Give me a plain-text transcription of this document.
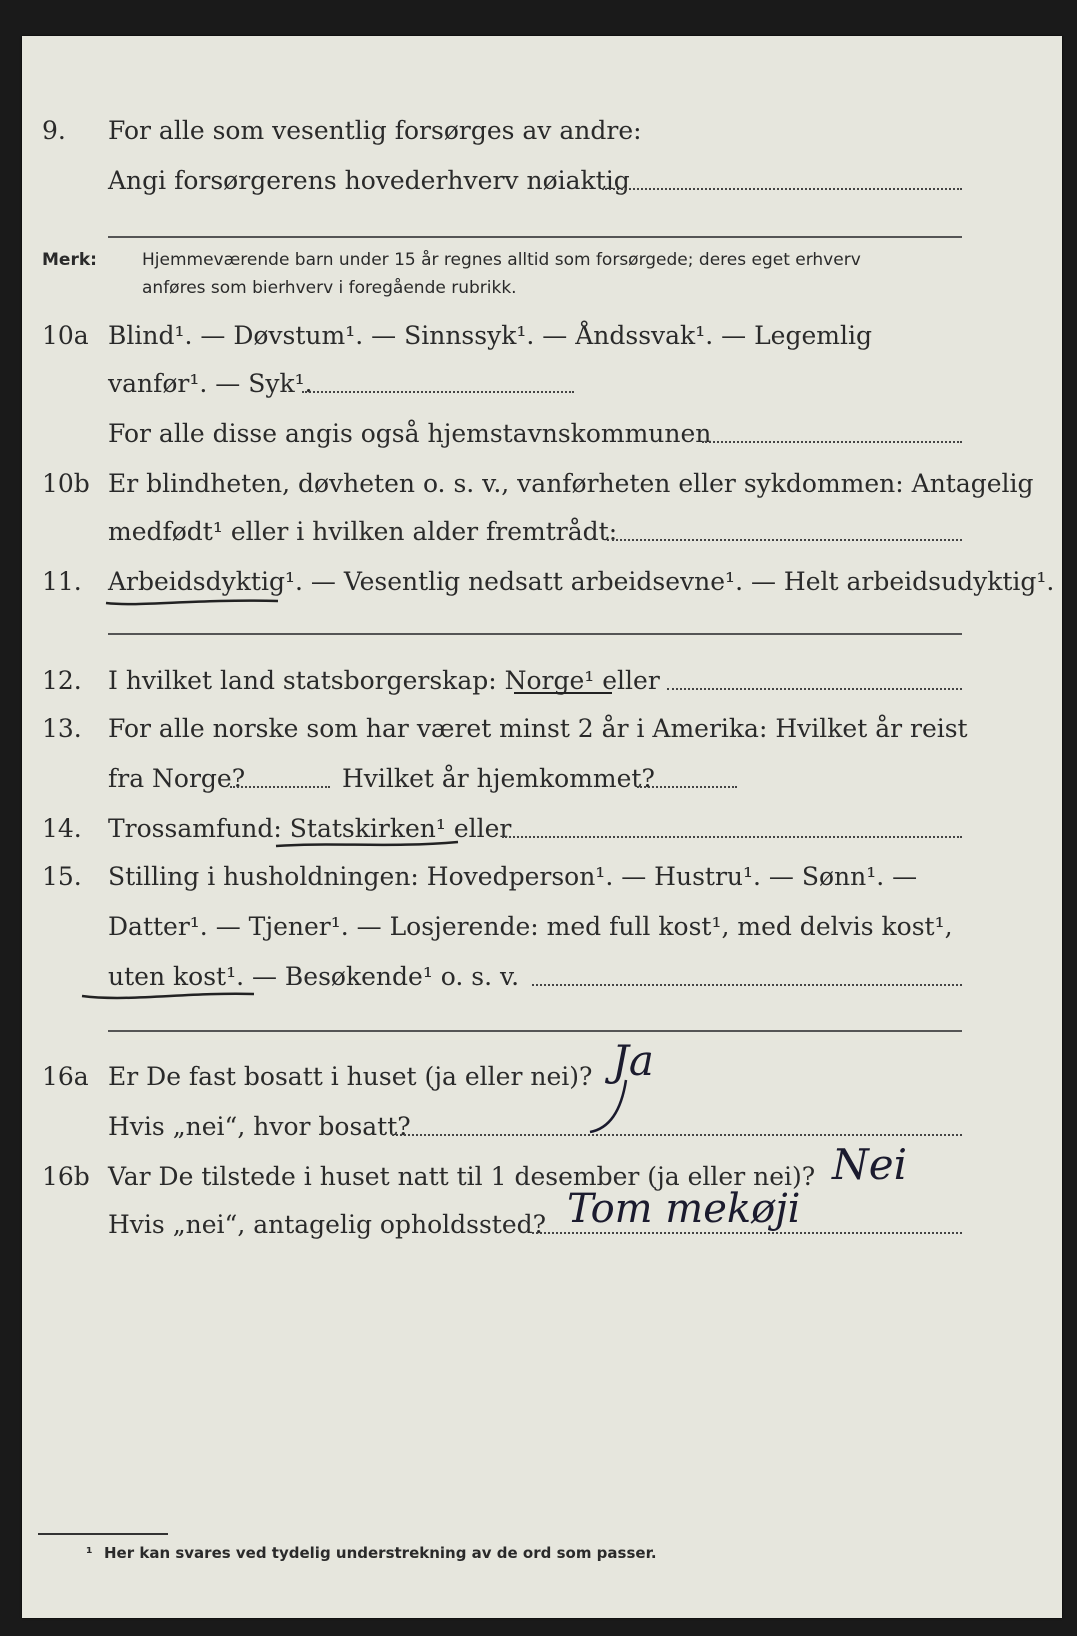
9. For alle som vesentlig forsørges av andre:
Angi forsørgerens hovederhverv nøiaktig
Merk:	Hjemmeværende barn under 15 år regnes alltid som forsørgede; deres eget erhverv
anføres som bierhverv i foregående rubrikk.
10a Blind¹. — Døvstum¹. — Sinnssyk¹. — Åndssvak¹. — Legemlig
vanfør¹. — Syk¹.
For alle disse angis også hjemstavnskommunen
10b Er blindheten, døvheten o. s. v., vanførheten eller sykdommen: Antagelig
medfødt¹ eller i hvilken alder fremtrådt:
11. Arbeidsdyktig¹. — Vesentlig nedsatt arbeidsevne¹. — Helt arbeidsudyktig¹.
12. I hvilket land statsborgerskap: Norge¹ eller
13. For alle norske som har været minst 2 år i Amerika: Hvilket år reist
fra Norge?	Hvilket år hjemkommet?
14. Trossamfund: Statskirken¹ eller
15. Stilling i husholdningen: Hovedperson¹. — Hustru¹. — Sønn¹. —
Datter¹. — Tjener¹. — Losjerende: med full kost¹, med delvis kost¹,
uten kost¹. — Besøkende¹ o. s. v.
16a Er De fast bosatt i huset (ja eller nei)? Ja
Hvis „nei“, hvor bosatt?
16b Var De tilstede i huset natt til 1 desember (ja eller nei)? Nei
Hvis „nei“, antagelig opholdssted? Tom mekøji
¹ Her kan svares ved tydelig understrekning av de ord som passer.
